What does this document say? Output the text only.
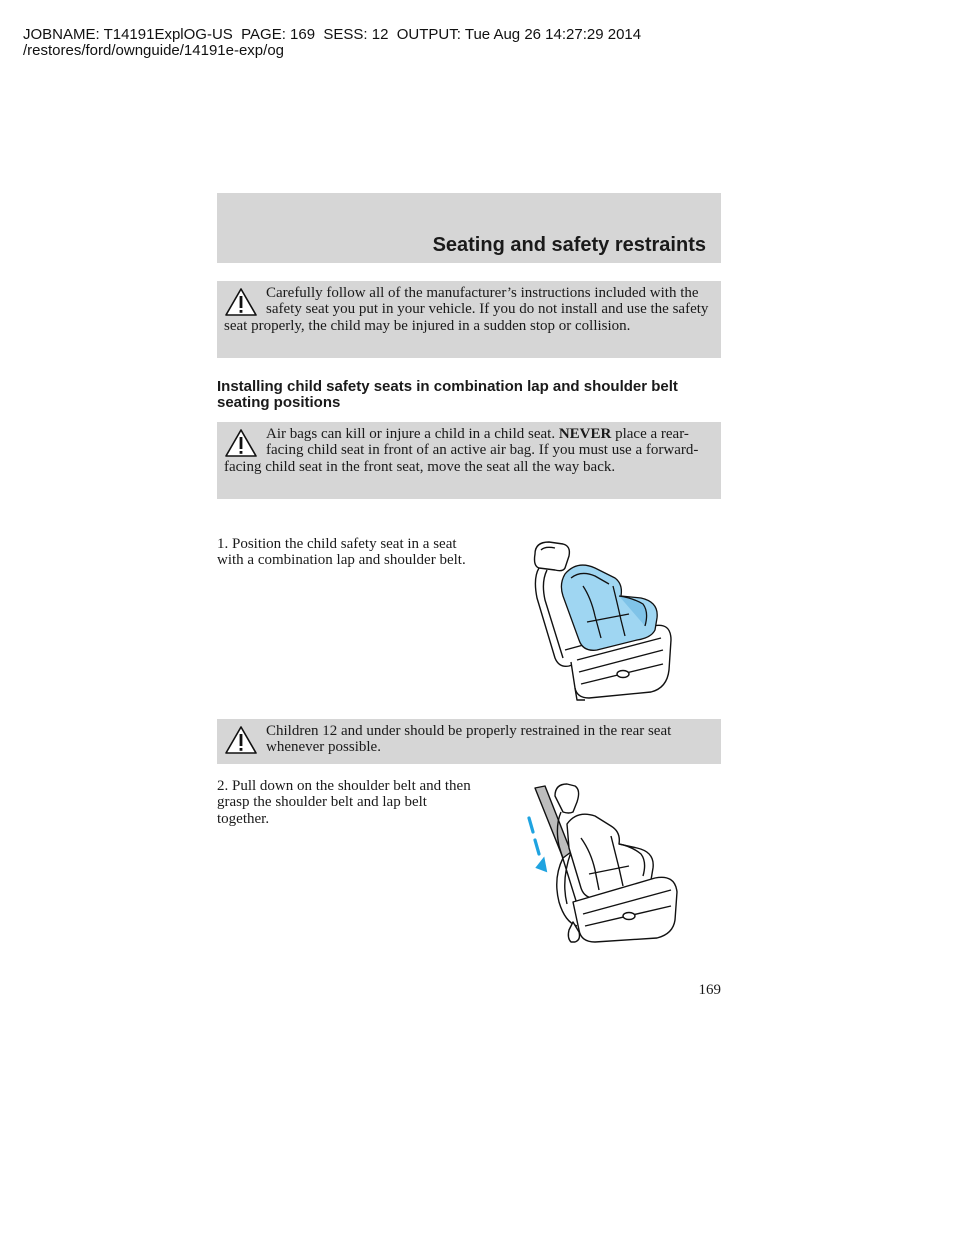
JOBNAME: T14191ExplOG-US  PAGE: 169  SESS: 12  OUTPUT: Tue Aug 26 14:27:29 2014
/restores/ford/ownguide/14191e-exp/og
Seating and safety restraints
Carefully follow all of the manufacturer’s instructions included with the safety seat you put in your vehicle. If you do not install and use the safety seat properly, the child may be injured in a sudden stop or collision.
Installing child safety seats in combination lap and shoulder belt seating positions
Air bags can kill or injure a child in a child seat. NEVER place a rear-facing child seat in front of an active air bag. If you must use a forward-facing child seat in the front seat, move the seat all the way back.
1. Position the child safety seat in a seat with a combination lap and shoulder belt.
Children 12 and under should be properly restrained in the rear seat whenever possible.
2. Pull down on the shoulder belt and then grasp the shoulder belt and lap belt together.
169
